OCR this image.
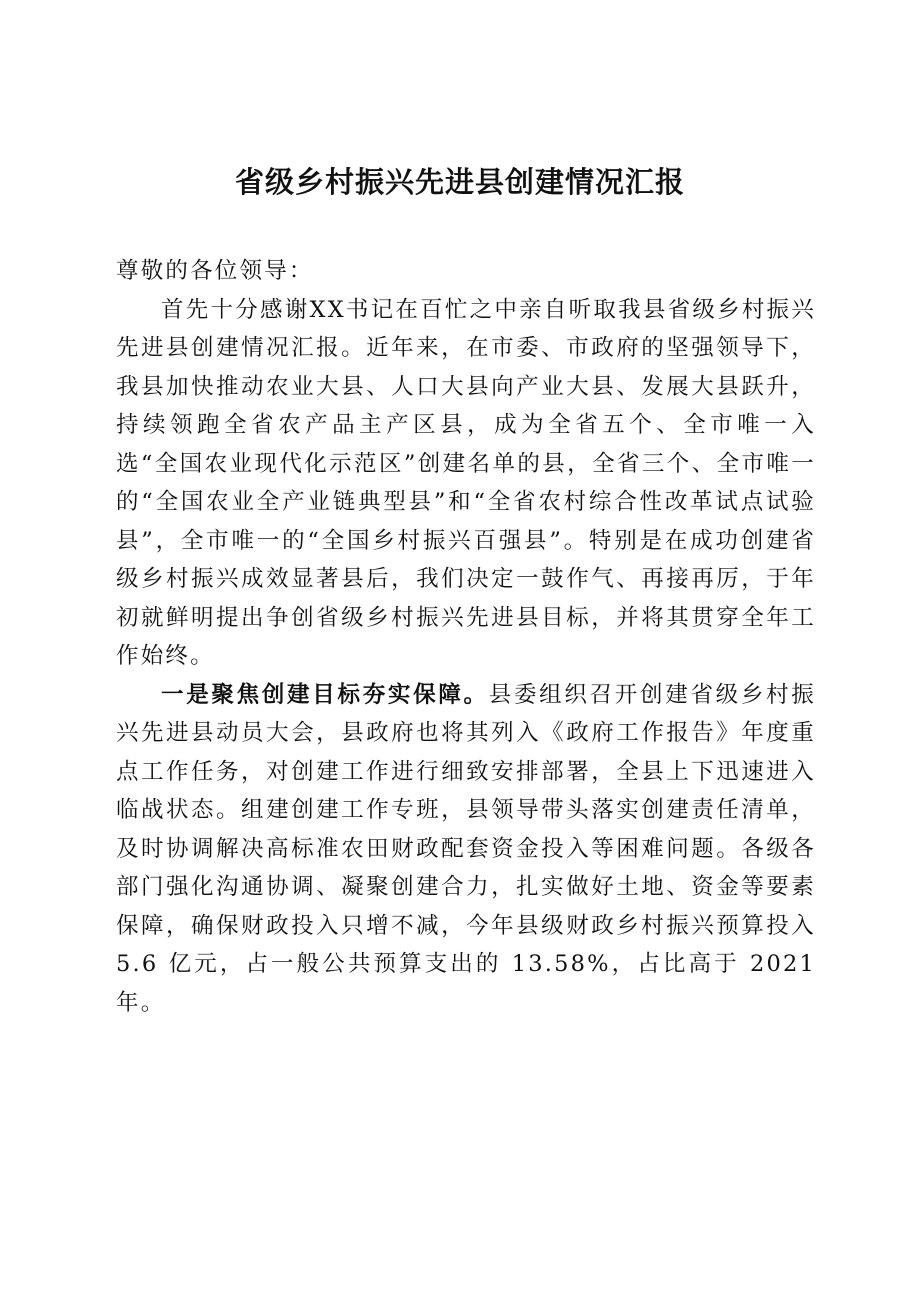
省级乡村振兴先进县创建情况汇报

尊敬的各位领导：

首先十分感谢XX书记在百忙之中亲自听取我县省级乡村振兴先进县创建情况汇报。近年来，在市委、市政府的坚强领导下，我县加快推动农业大县、人口大县向产业大县、发展大县跃升，持续领跑全省农产品主产区县，成为全省五个、全市唯一入选“全国农业现代化示范区”创建名单的县，全省三个、全市唯一的“全国农业全产业链典型县”和“全省农村综合性改革试点试验县”，全市唯一的“全国乡村振兴百强县”。特别是在成功创建省级乡村振兴成效显著县后，我们决定一鼓作气、再接再厉，于年初就鲜明提出争创省级乡村振兴先进县目标，并将其贯穿全年工作始终。

一是聚焦创建目标夯实保障。县委组织召开创建省级乡村振兴先进县动员大会，县政府也将其列入《政府工作报告》年度重点工作任务，对创建工作进行细致安排部署，全县上下迅速进入临战状态。组建创建工作专班，县领导带头落实创建责任清单，及时协调解决高标准农田财政配套资金投入等困难问题。各级各部门强化沟通协调、凝聚创建合力，扎实做好土地、资金等要素保障，确保财政投入只增不减，今年县级财政乡村振兴预算投入 5.6 亿元，占一般公共预算支出的 13.58%，占比高于 2021 年。
